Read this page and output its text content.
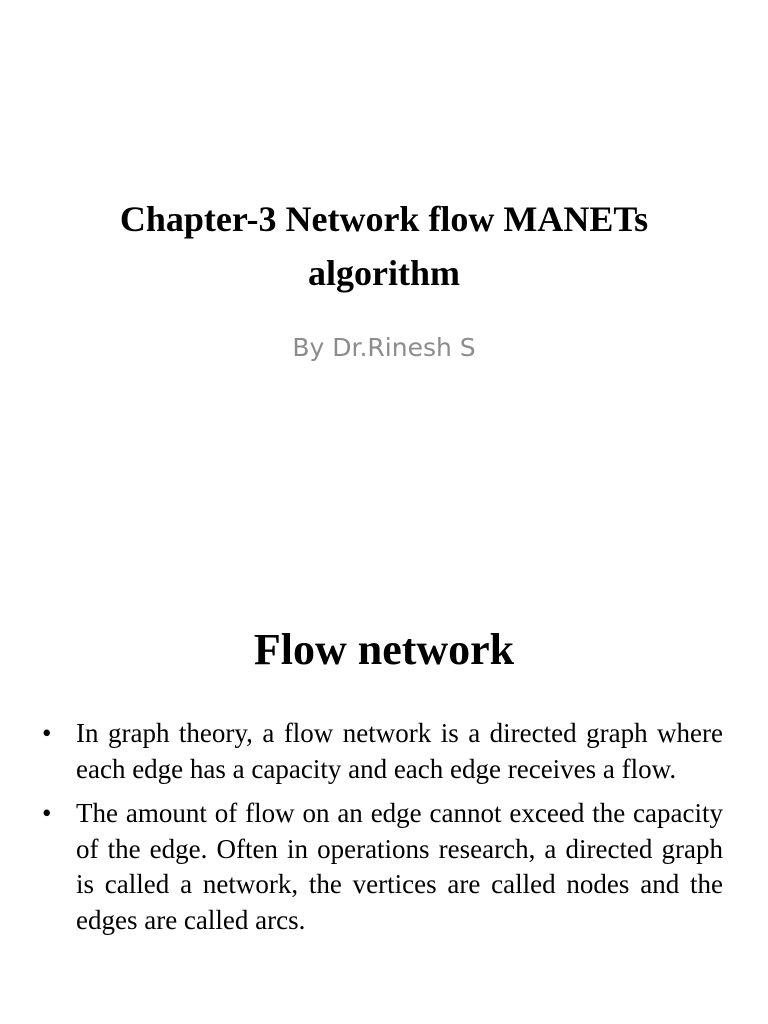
Chapter-3 Network flow MANETs algorithm

By Dr.Rinesh S

Flow network
• In graph theory, a flow network is a directed graph where each edge has a capacity and each edge receives a flow.
• The amount of flow on an edge cannot exceed the capacity of the edge. Often in operations research, a directed graph is called a network, the vertices are called nodes and the edges are called arcs.
